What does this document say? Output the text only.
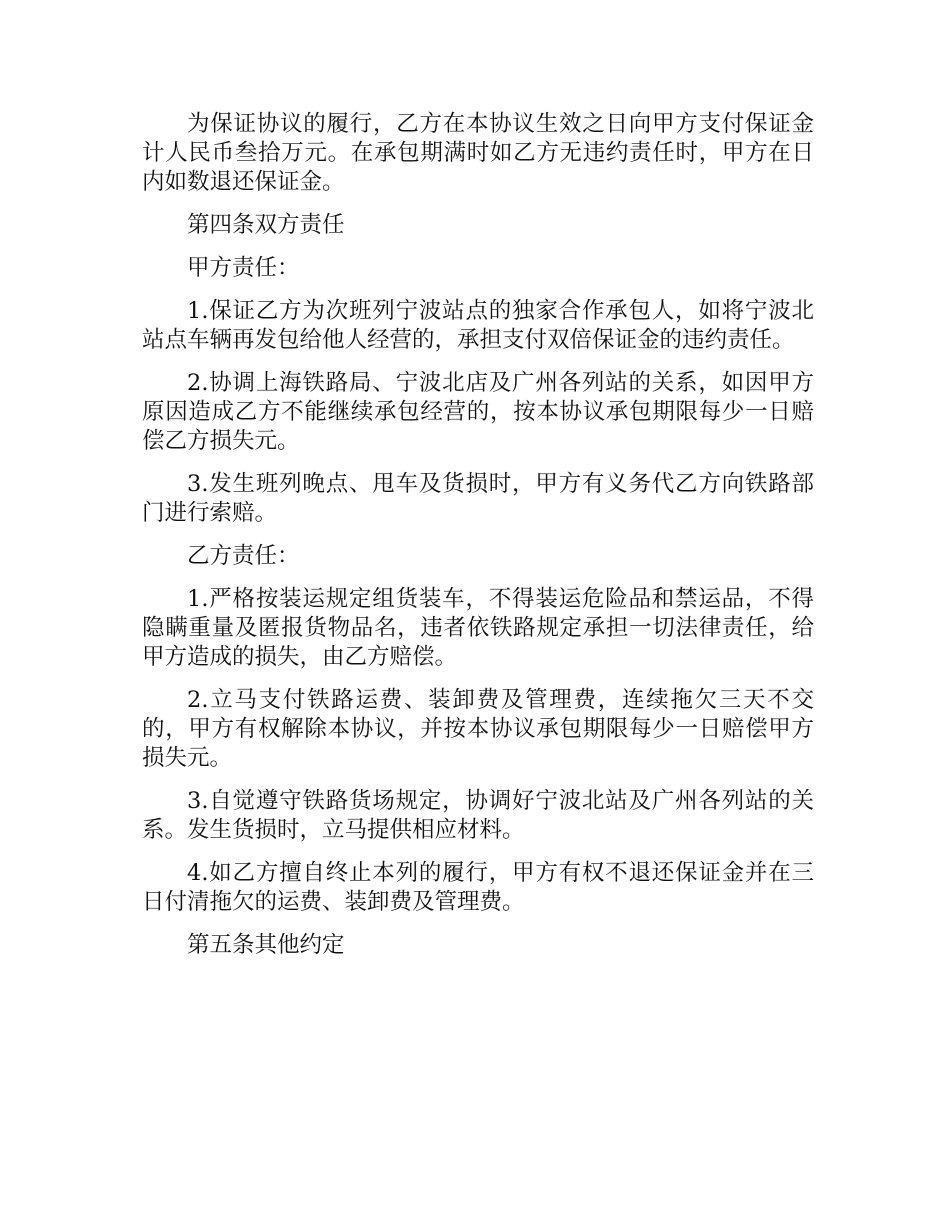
为保证协议的履行，乙方在本协议生效之日向甲方支付保证金计人民币叁拾万元。在承包期满时如乙方无违约责任时，甲方在日内如数退还保证金。

第四条双方责任

甲方责任：

1.保证乙方为次班列宁波站点的独家合作承包人，如将宁波北站点车辆再发包给他人经营的，承担支付双倍保证金的违约责任。

2.协调上海铁路局、宁波北店及广州各列站的关系，如因甲方原因造成乙方不能继续承包经营的，按本协议承包期限每少一日赔偿乙方损失元。

3.发生班列晚点、甩车及货损时，甲方有义务代乙方向铁路部门进行索赔。

乙方责任：

1.严格按装运规定组货装车，不得装运危险品和禁运品，不得隐瞒重量及匿报货物品名，违者依铁路规定承担一切法律责任，给甲方造成的损失，由乙方赔偿。

2.立马支付铁路运费、装卸费及管理费，连续拖欠三天不交的，甲方有权解除本协议，并按本协议承包期限每少一日赔偿甲方损失元。

3.自觉遵守铁路货场规定，协调好宁波北站及广州各列站的关系。发生货损时，立马提供相应材料。

4.如乙方擅自终止本列的履行，甲方有权不退还保证金并在三日付清拖欠的运费、装卸费及管理费。

第五条其他约定
